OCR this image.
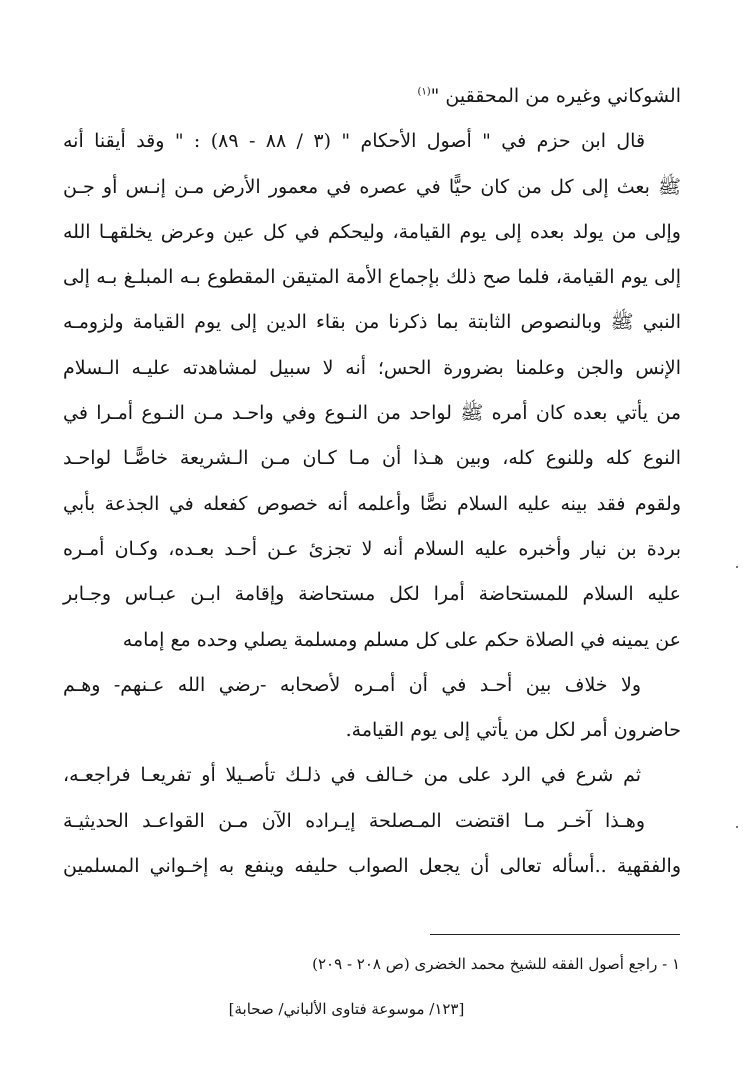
الشوكاني وغيره من المحققين "$^{(١)}$
قال ابن حزم في " أصول الأحكام " (٣ / ٨٨ - ٨٩) : " وقد أيقنا أنه
ﷺ بعث إلى كل من كان حيًّا في عصره في معمور الأرض مـن إنـس أو جـن
وإلى من يولد بعده إلى يوم القيامة، وليحكم في كل عين وعرض يخلقهـا الله
إلى يوم القيامة، فلما صح ذلك بإجماع الأمة المتيقن المقطوع بـه المبلـغ بـه إلى
النبي ﷺ وبالنصوص الثابتة بما ذكرنا من بقاء الدين إلى يوم القيامة ولزومـه
الإنس والجن وعلمنا بضرورة الحس؛ أنه لا سبيل لمشاهدته عليـه الـسلام
من يأتي بعده كان أمره ﷺ لواحد من النـوع وفي واحـد مـن النـوع أمـرا في
النوع كله وللنوع كله، وبين هـذا أن مـا كـان مـن الـشريعة خاصًّـا لواحـد
ولقوم فقد بينه عليه السلام نصًّا وأعلمه أنه خصوص كفعله في الجذعة بأبي
بردة بن نيار وأخبره عليه السلام أنه لا تجزئ عـن أحـد بعـده، وكـان أمـره
عليه السلام للمستحاضة أمرا لكل مستحاضة وإقامة ابـن عبـاس وجـابر
عن يمينه في الصلاة حكم على كل مسلم ومسلمة يصلي وحده مع إمامه
ولا خلاف بين أحـد في أن أمـره لأصحابه -رضي الله عـنهم- وهـم
حاضرون أمر لكل من يأتي إلى يوم القيامة.
ثم شرع في الرد على من خـالف في ذلـك تأصـيلا أو تفريعـا فراجعـه،
وهـذا آخـر مـا اقتضت المـصلحة إيـراده الآن مـن القواعـد الحديثيـة
والفقهية ..أسأله تعالى أن يجعل الصواب حليفه وينفع به إخـواني المسلمين
١ - راجع أصول الفقه للشيخ محمد الخضرى (ص ٢٠٨ - ٢٠٩)
[١٢٣/ موسوعة فتاوى الألباني/ صحابة]
